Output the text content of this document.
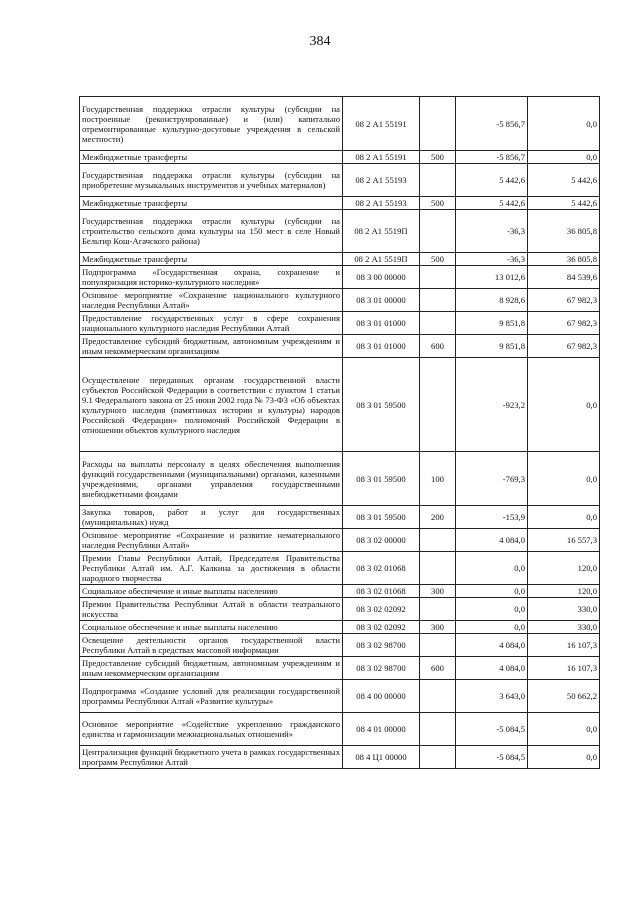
384
Государственная поддержка отрасли культуры (субсидии на построенные (реконструированные) и (или) капитально отремонтированные культурно-досуговые учреждения в сельской местности)	08 2 А1 55191		-5 856,7	0,0
Межбюджетные трансферты	08 2 А1 55191	500	-5 856,7	0,0
Государственная поддержка отрасли культуры (субсидии на приобретение музыкальных инструментов и учебных материалов)	08 2 А1 55193		5 442,6	5 442,6
Межбюджетные трансферты	08 2 А1 55193	500	5 442,6	5 442,6
Государственная поддержка отрасли культуры (субсидии на строительство сельского дома культуры на 150 мест в селе Новый Бельтир Кош-Агачского района)	08 2 А1 5519П		-36,3	36 805,8
Межбюджетные трансферты	08 2 А1 5519П	500	-36,3	36 805,8
Подпрограмма «Государственная охрана, сохранение и популяризация историко-культурного наследия»	08 3 00 00000		13 012,6	84 539,6
Основное мероприятие «Сохранение национального культурного наследия Республики Алтай»	08 3 01 00000		8 928,6	67 982,3
Предоставление государственных услуг в сфере сохранения национального культурного наследия Республики Алтай	08 3 01 01000		9 851,8	67 982,3
Предоставление субсидий бюджетным, автономным учреждениям и иным некоммерческим организациям	08 3 01 01000	600	9 851,8	67 982,3
Осуществление переданных органам государственной власти субъектов Российской Федерации в соответствии с пунктом 1 статьи 9.1 Федерального закона от 25 июня 2002 года № 73-ФЗ «Об объектах культурного наследия (памятниках истории и культуры) народов Российской Федерации» полномочий Российской Федерации в отношении объектов культурного наследия	08 3 01 59500		-923,2	0,0
Расходы на выплаты персоналу в целях обеспечения выполнения функций государственными (муниципальными) органами, казенными учреждениями, органами управления государственными внебюджетными фондами	08 3 01 59500	100	-769,3	0,0
Закупка товаров, работ и услуг для государственных (муниципальных) нужд	08 3 01 59500	200	-153,9	0,0
Основное мероприятие «Сохранение и развитие нематериального наследия Республики Алтай»	08 3 02 00000		4 084,0	16 557,3
Премии Главы Республики Алтай, Председателя Правительства Республики Алтай им. А.Г. Калкина за достижения в области народного творчества	08 3 02 01068		0,0	120,0
Социальное обеспечение и иные выплаты населению	08 3 02 01068	300	0,0	120,0
Премии Правительства Республики Алтай в области театрального искусства	08 3 02 02092		0,0	330,0
Социальное обеспечение и иные выплаты населению	08 3 02 02092	300	0,0	330,0
Освещение деятельности органов государственной власти Республики Алтай в средствах массовой информации	08 3 02 98700		4 084,0	16 107,3
Предоставление субсидий бюджетным, автономным учреждениям и иным некоммерческим организациям	08 3 02 98700	600	4 084,0	16 107,3
Подпрограмма «Создание условий для реализации государственной программы Республики Алтай «Развитие культуры»	08 4 00 00000		3 643,0	50 662,2
Основное мероприятие «Содействие укреплению гражданского единства и гармонизации межнациональных отношений»	08 4 01 00000		-5 084,5	0,0
Централизация функций бюджетного учета в рамках государственных программ Республики Алтай	08 4 Ц1 00000		-5 084,5	0,0
